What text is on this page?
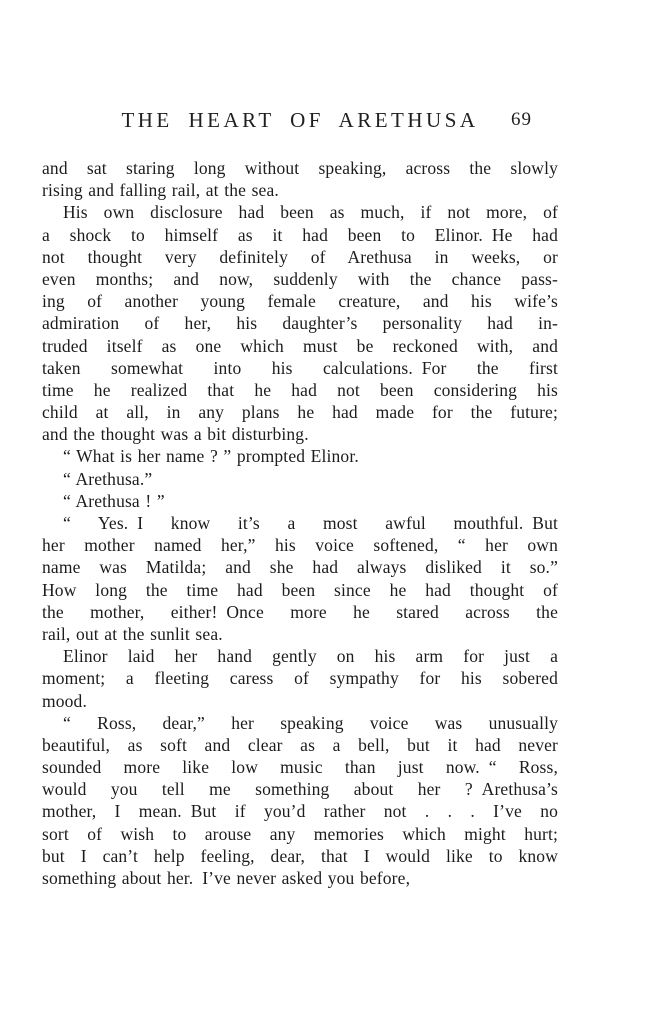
THE HEART OF ARETHUSA	69
and sat staring long without speaking, across the slowly
rising and falling rail, at the sea.
His own disclosure had been as much, if not more, of
a shock to himself as it had been to Elinor. He had
not thought very definitely of Arethusa in weeks, or
even months; and now, suddenly with the chance pass-
ing of another young female creature, and his wife’s
admiration of her, his daughter’s personality had in-
truded itself as one which must be reckoned with, and
taken somewhat into his calculations. For the first
time he realized that he had not been considering his
child at all, in any plans he had made for the future;
and the thought was a bit disturbing.
“ What is her name ? ” prompted Elinor.
“ Arethusa.”
“ Arethusa ! ”
“ Yes. I know it’s a most awful mouthful. But
her mother named her,” his voice softened, “ her own
name was Matilda; and she had always disliked it so.”
How long the time had been since he had thought of
the mother, either! Once more he stared across the
rail, out at the sunlit sea.
Elinor laid her hand gently on his arm for just a
moment; a fleeting caress of sympathy for his sobered
mood.
“ Ross, dear,” her speaking voice was unusually
beautiful, as soft and clear as a bell, but it had never
sounded more like low music than just now. “ Ross,
would you tell me something about her ? Arethusa’s
mother, I mean. But if you’d rather not . . . I’ve no
sort of wish to arouse any memories which might hurt;
but I can’t help feeling, dear, that I would like to know
something about her. I’ve never asked you before,
